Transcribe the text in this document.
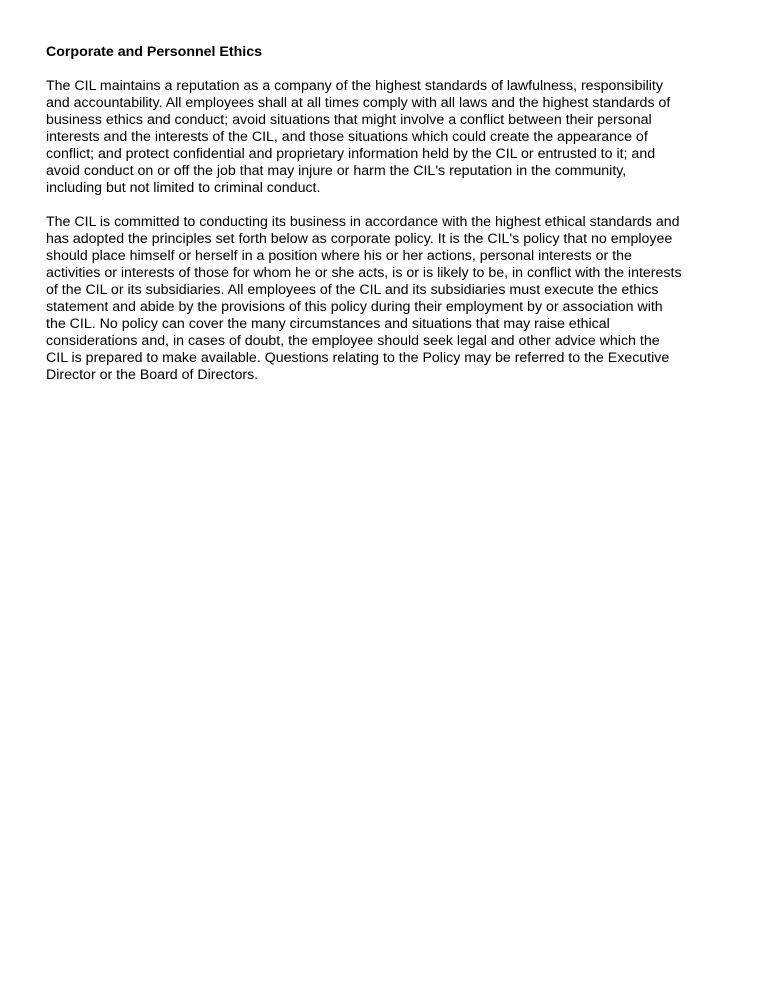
Corporate and Personnel Ethics
The CIL maintains a reputation as a company of the highest standards of lawfulness, responsibility
and accountability. All employees shall at all times comply with all laws and the highest standards of
business ethics and conduct; avoid situations that might involve a conflict between their personal
interests and the interests of the CIL, and those situations which could create the appearance of
conflict; and protect confidential and proprietary information held by the CIL or entrusted to it; and
avoid conduct on or off the job that may injure or harm the CIL's reputation in the community,
including but not limited to criminal conduct.
The CIL is committed to conducting its business in accordance with the highest ethical standards and
has adopted the principles set forth below as corporate policy. It is the CIL's policy that no employee
should place himself or herself in a position where his or her actions, personal interests or the
activities or interests of those for whom he or she acts, is or is likely to be, in conflict with the interests
of the CIL or its subsidiaries. All employees of the CIL and its subsidiaries must execute the ethics
statement and abide by the provisions of this policy during their employment by or association with
the CIL. No policy can cover the many circumstances and situations that may raise ethical
considerations and, in cases of doubt, the employee should seek legal and other advice which the
CIL is prepared to make available. Questions relating to the Policy may be referred to the Executive
Director or the Board of Directors.
